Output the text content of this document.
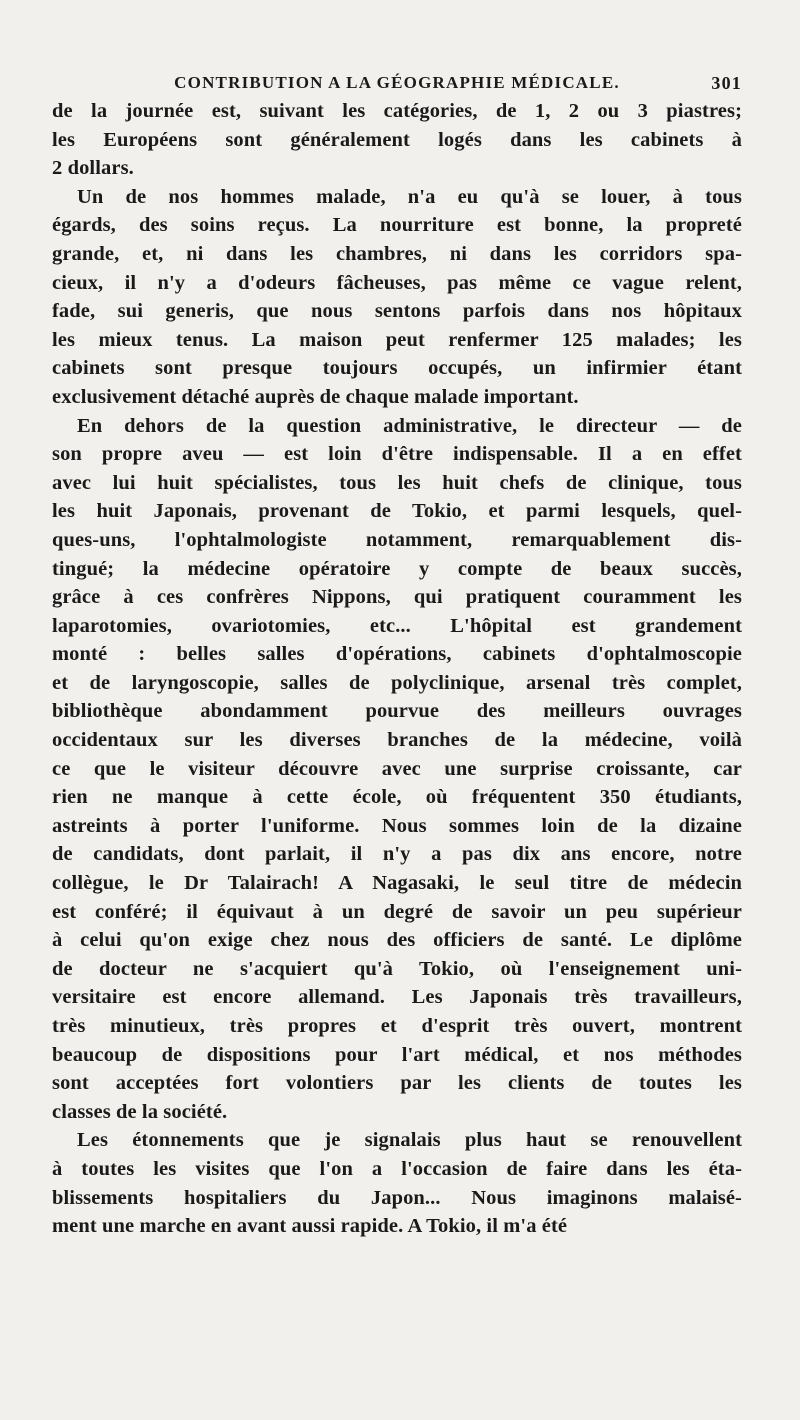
CONTRIBUTION A LA GÉOGRAPHIE MÉDICALE.	301
de la journée est, suivant les catégories, de 1, 2 ou 3 piastres;
les Européens sont généralement logés dans les cabinets à
2 dollars.
Un de nos hommes malade, n'a eu qu'à se louer, à tous
égards, des soins reçus. La nourriture est bonne, la propreté
grande, et, ni dans les chambres, ni dans les corridors spa-
cieux, il n'y a d'odeurs fâcheuses, pas même ce vague relent,
fade, sui generis, que nous sentons parfois dans nos hôpitaux
les mieux tenus. La maison peut renfermer 125 malades; les
cabinets sont presque toujours occupés, un infirmier étant
exclusivement détaché auprès de chaque malade important.
En dehors de la question administrative, le directeur — de
son propre aveu — est loin d'être indispensable. Il a en effet
avec lui huit spécialistes, tous les huit chefs de clinique, tous
les huit Japonais, provenant de Tokio, et parmi lesquels, quel-
ques-uns, l'ophtalmologiste notamment, remarquablement dis-
tingué; la médecine opératoire y compte de beaux succès,
grâce à ces confrères Nippons, qui pratiquent couramment les
laparotomies, ovariotomies, etc... L'hôpital est grandement
monté : belles salles d'opérations, cabinets d'ophtalmoscopie
et de laryngoscopie, salles de polyclinique, arsenal très complet,
bibliothèque abondamment pourvue des meilleurs ouvrages
occidentaux sur les diverses branches de la médecine, voilà
ce que le visiteur découvre avec une surprise croissante, car
rien ne manque à cette école, où fréquentent 350 étudiants,
astreints à porter l'uniforme. Nous sommes loin de la dizaine
de candidats, dont parlait, il n'y a pas dix ans encore, notre
collègue, le Dr Talairach! A Nagasaki, le seul titre de médecin
est conféré; il équivaut à un degré de savoir un peu supérieur
à celui qu'on exige chez nous des officiers de santé. Le diplôme
de docteur ne s'acquiert qu'à Tokio, où l'enseignement uni-
versitaire est encore allemand. Les Japonais très travailleurs,
très minutieux, très propres et d'esprit très ouvert, montrent
beaucoup de dispositions pour l'art médical, et nos méthodes
sont acceptées fort volontiers par les clients de toutes les
classes de la société.
Les étonnements que je signalais plus haut se renouvellent
à toutes les visites que l'on a l'occasion de faire dans les éta-
blissements hospitaliers du Japon... Nous imaginons malaisé-
ment une marche en avant aussi rapide. A Tokio, il m'a été
